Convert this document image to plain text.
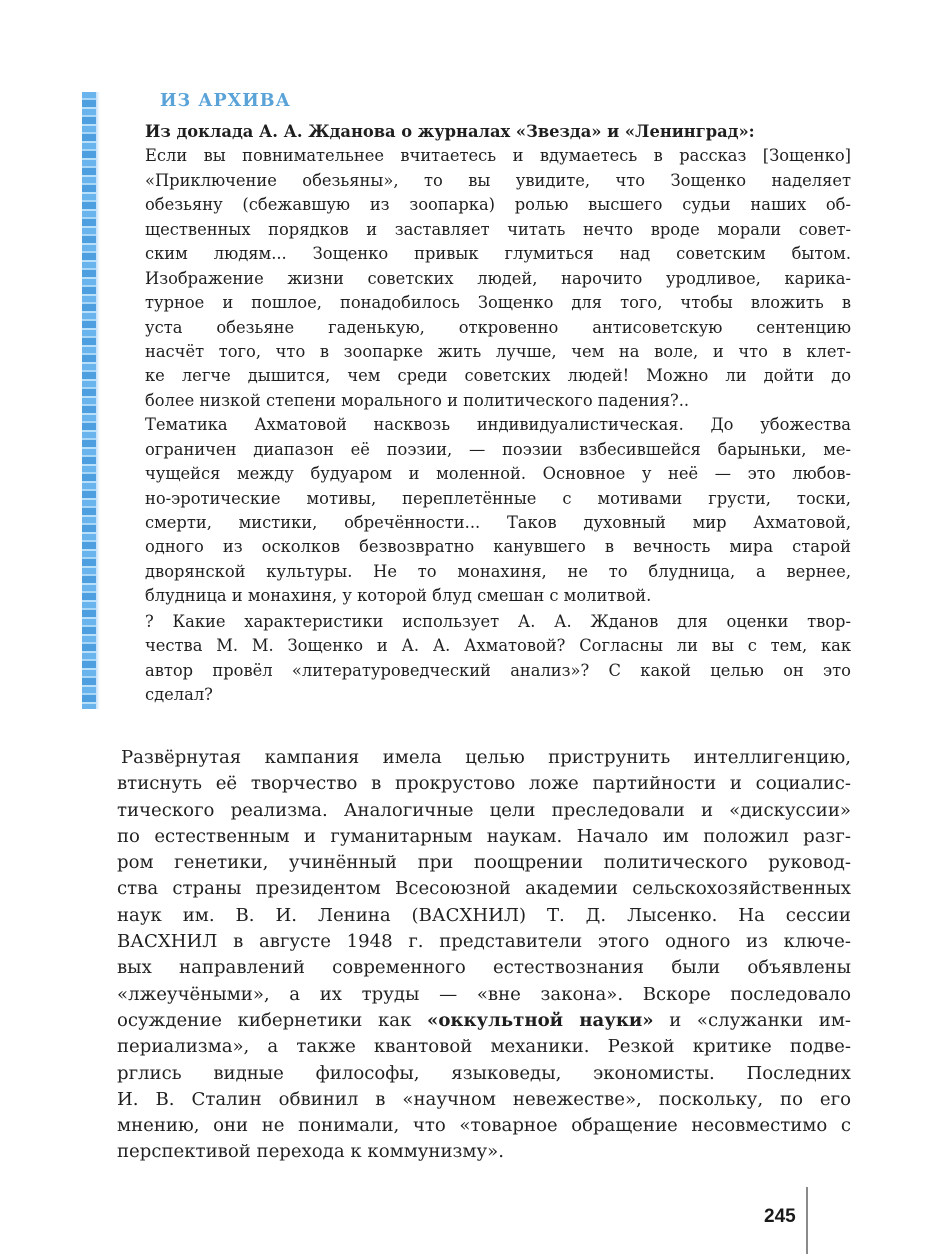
ИЗ АРХИВА
Из доклада А. А. Жданова о журналах «Звезда» и «Ленинград»:
Если вы повнимательнее вчитаетесь и вдумаетесь в рассказ [Зощенко]
«Приключение обезьяны», то вы увидите, что Зощенко наделяет
обезьяну (сбежавшую из зоопарка) ролью высшего судьи наших об-
щественных порядков и заставляет читать нечто вроде морали совет-
ским людям... Зощенко привык глумиться над советским бытом.
Изображение жизни советских людей, нарочито уродливое, карика-
турное и пошлое, понадобилось Зощенко для того, чтобы вложить в
уста обезьяне гаденькую, откровенно антисоветскую сентенцию
насчёт того, что в зоопарке жить лучше, чем на воле, и что в клет-
ке легче дышится, чем среди советских людей! Можно ли дойти до
более низкой степени морального и политического падения?..
Тематика Ахматовой насквозь индивидуалистическая. До убожества
ограничен диапазон её поэзии, — поэзии взбесившейся барыньки, ме-
чущейся между будуаром и моленной. Основное у неё — это любов-
но-эротические мотивы, переплетённые с мотивами грусти, тоски,
смерти, мистики, обречённости... Таков духовный мир Ахматовой,
одного из осколков безвозвратно канувшего в вечность мира старой
дворянской культуры. Не то монахиня, не то блудница, а вернее,
блудница и монахиня, у которой блуд смешан с молитвой.
? Какие характеристики использует А. А. Жданов для оценки твор-
чества М. М. Зощенко и А. А. Ахматовой? Согласны ли вы с тем, как
автор провёл «литературоведческий анализ»? С какой целью он это
сделал?
Развёрнутая кампания имела целью приструнить интеллигенцию,
втиснуть её творчество в прокрустово ложе партийности и социалис-
тического реализма. Аналогичные цели преследовали и «дискуссии»
по естественным и гуманитарным наукам. Начало им положил разг-
ром генетики, учинённый при поощрении политического руковод-
ства страны президентом Всесоюзной академии сельскохозяйственных
наук им. В. И. Ленина (ВАСХНИЛ) Т. Д. Лысенко. На сессии
ВАСХНИЛ в августе 1948 г. представители этого одного из ключе-
вых направлений современного естествознания были объявлены
«лжеучёными», а их труды — «вне закона». Вскоре последовало
осуждение кибернетики как «оккультной науки» и «служанки им-
периализма», а также квантовой механики. Резкой критике подве-
рглись видные философы, языковеды, экономисты. Последних
И. В. Сталин обвинил в «научном невежестве», поскольку, по его
мнению, они не понимали, что «товарное обращение несовместимо с
перспективой перехода к коммунизму».
245
